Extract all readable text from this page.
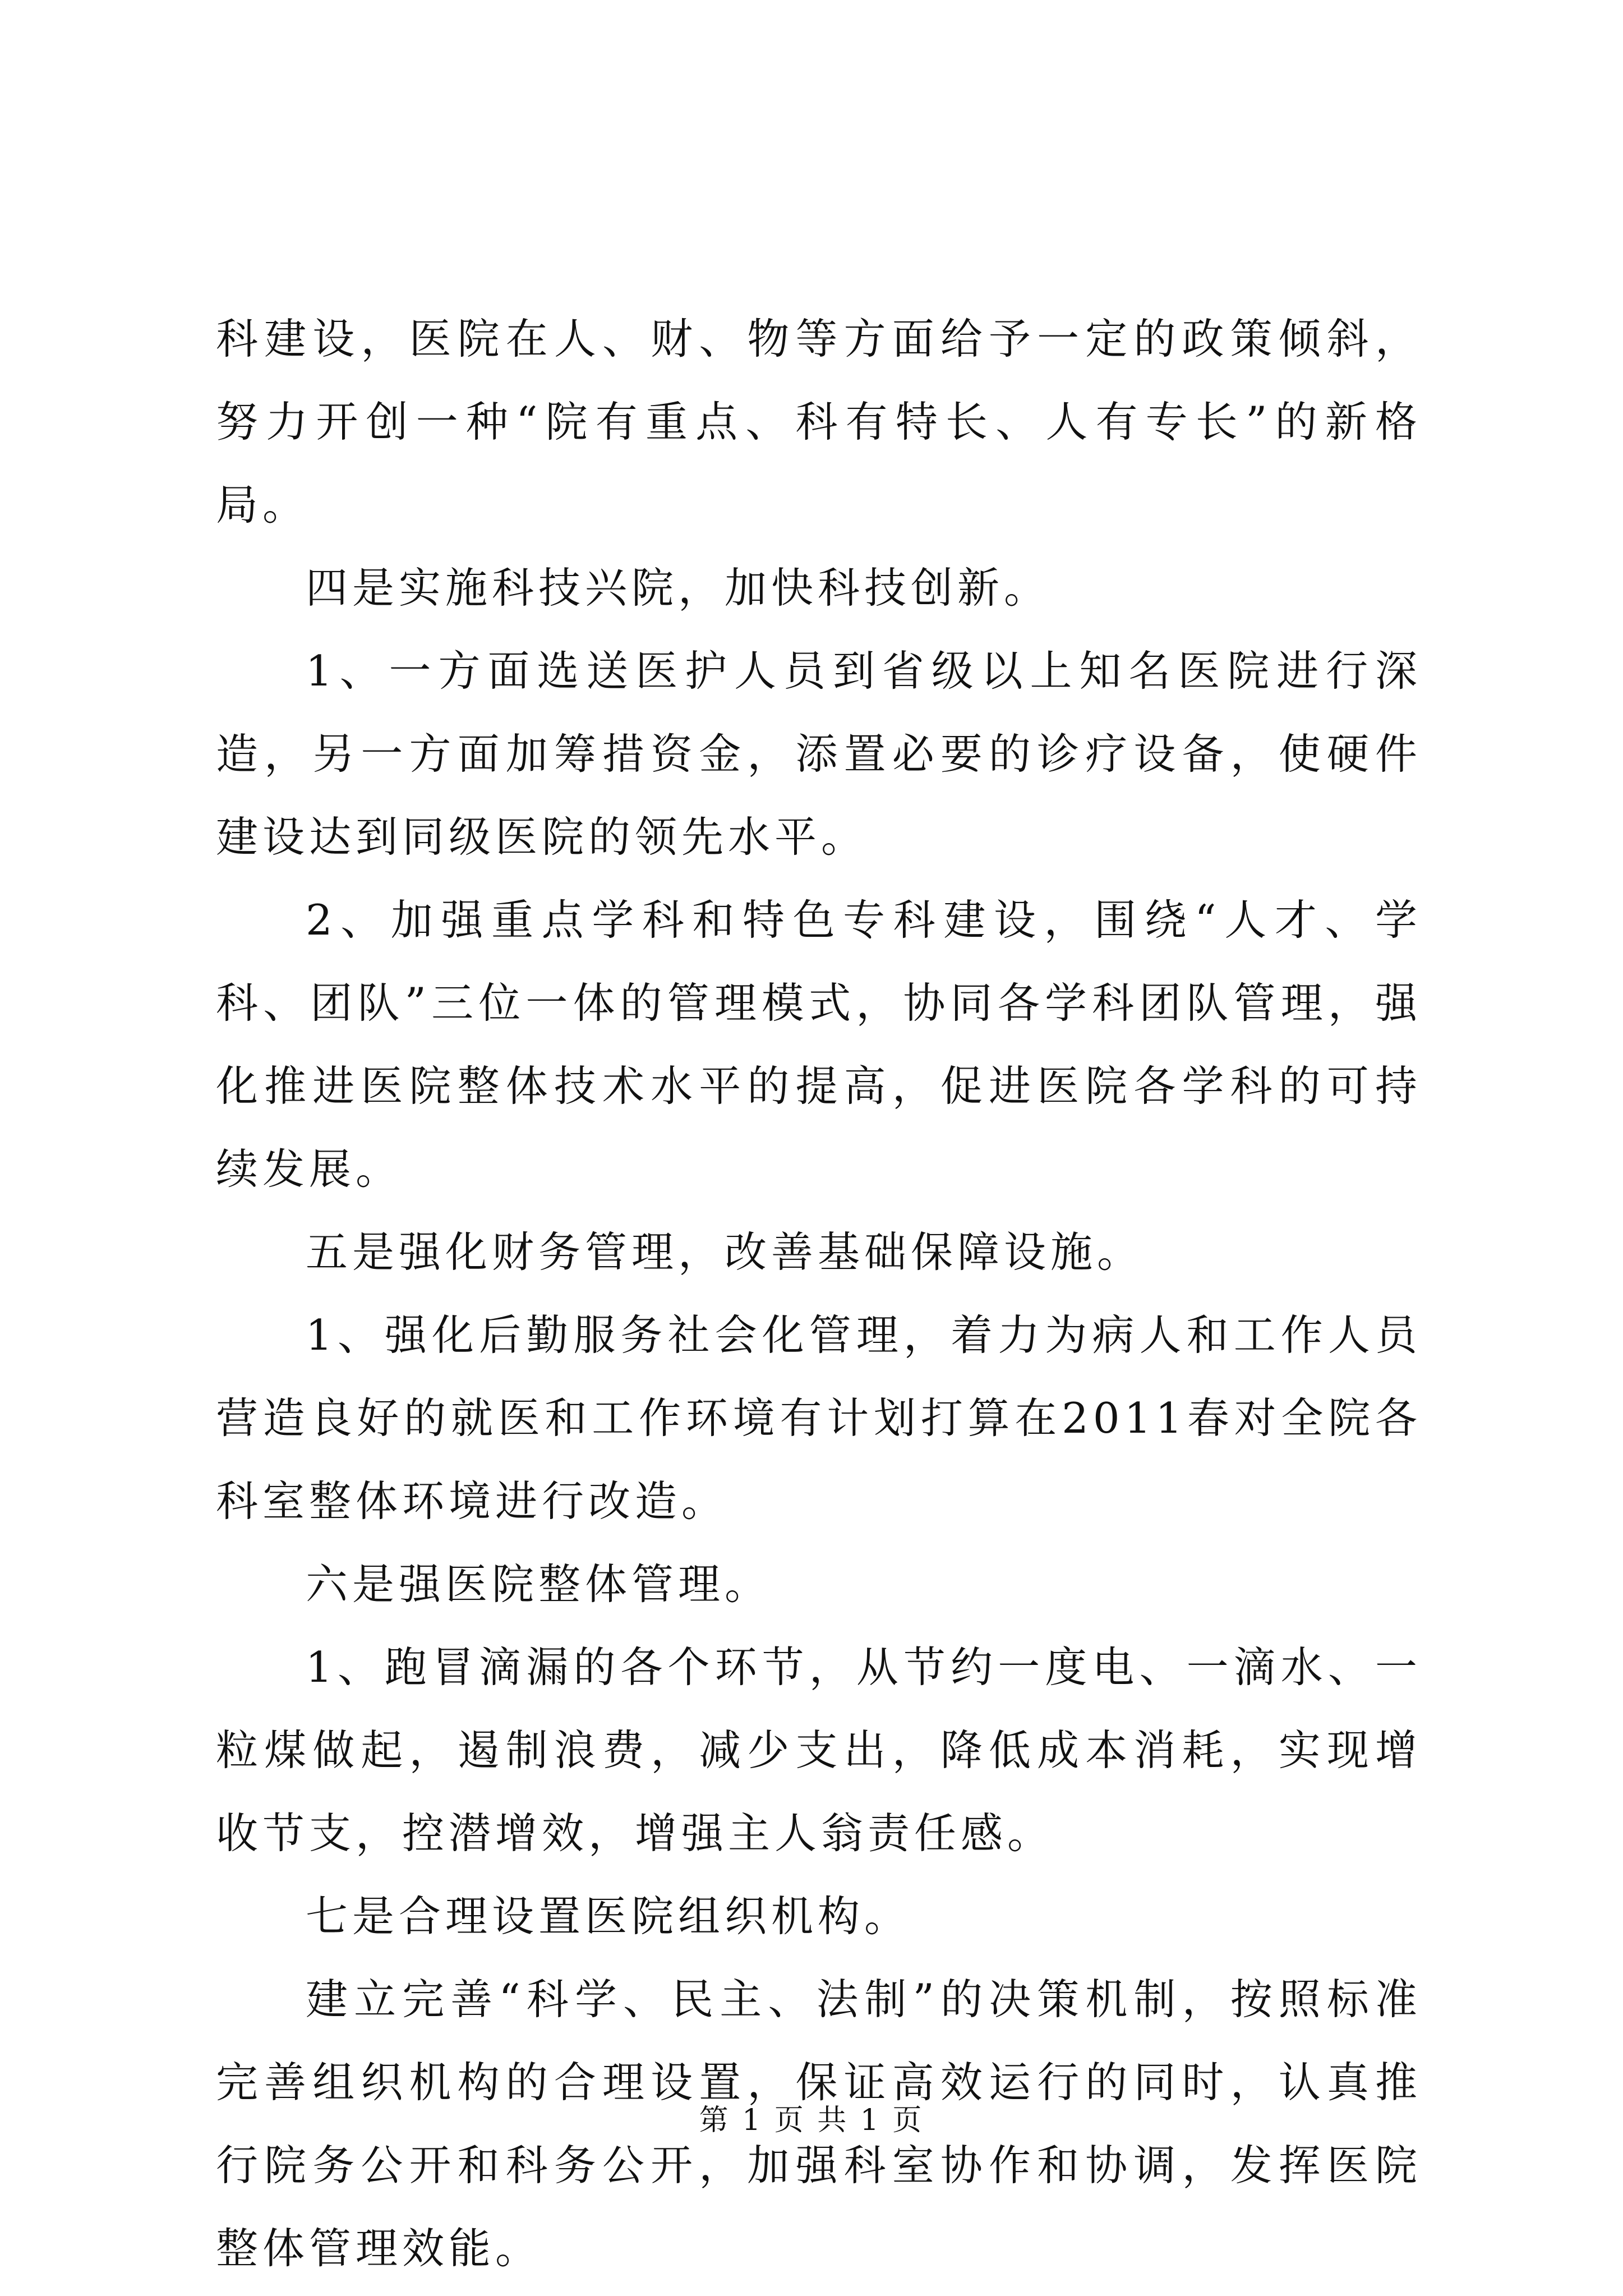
科建设，医院在人、财、物等方面给予一定的政策倾斜，努力开创一种“院有重点、科有特长、人有专长”的新格局。

四是实施科技兴院，加快科技创新。

1、一方面选送医护人员到省级以上知名医院进行深造，另一方面加筹措资金，添置必要的诊疗设备，使硬件建设达到同级医院的领先水平。

2、加强重点学科和特色专科建设，围绕“人才、学科、团队”三位一体的管理模式，协同各学科团队管理，强化推进医院整体技术水平的提高，促进医院各学科的可持续发展。

五是强化财务管理，改善基础保障设施。

1、强化后勤服务社会化管理，着力为病人和工作人员营造良好的就医和工作环境有计划打算在2011春对全院各科室整体环境进行改造。

六是强医院整体管理。

1、跑冒滴漏的各个环节，从节约一度电、一滴水、一粒煤做起，遏制浪费，减少支出，降低成本消耗，实现增收节支，控潜增效，增强主人翁责任感。

七是合理设置医院组织机构。

建立完善“科学、民主、法制”的决策机制，按照标准完善组织机构的合理设置，保证高效运行的同时，认真推行院务公开和科务公开，加强科室协作和协调，发挥医院整体管理效能。

第 1 页 共 1 页
